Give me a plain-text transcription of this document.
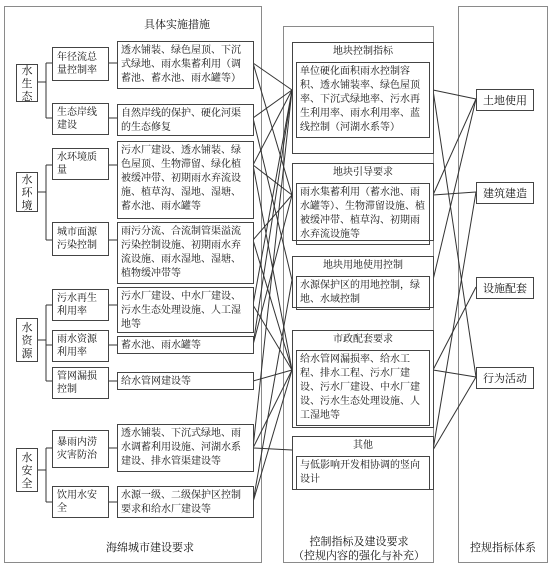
具体实施措施
水生态
水环境
水资源
水安全
年径流总量控制率
生态岸线建设
水环境质量
城市面源污染控制
污水再生利用率
雨水资源利用率
管网漏损控制
暴雨内涝灾害防治
饮用水安全
透水铺装、绿色屋顶、下沉式绿地、雨水集蓄利用（调蓄池、蓄水池、雨水罐等）
自然岸线的保护、硬化河渠的生态修复
污水厂建设、透水铺装、绿色屋顶、生物滞留、绿化植被缓冲带、初期雨水弃流设施、植草沟、湿地、湿塘、蓄水池、雨水罐等
雨污分流、合流制管渠溢流污染控制设施、初期雨水弃流设施、雨水湿地、湿塘、植物缓冲带等
污水厂建设、中水厂建设、污水生态处理设施、人工湿地等
蓄水池、雨水罐等
给水管网建设等
透水铺装、下沉式绿地、雨水调蓄利用设施、河湖水系建设、排水管渠建设等
水源一级、二级保护区控制要求和给水厂建设等
海绵城市建设要求
地块控制指标
单位硬化面积雨水控制容积、透水铺装率、绿色屋顶率、下沉式绿地率、污水再生利用率、雨水利用率、蓝线控制（河湖水系等）
地块引导要求
雨水集蓄利用（蓄水池、雨水罐等）、生物滞留设施、植被缓冲带、植草沟、初期雨水弃流设施等
地块用地使用控制
水源保护区的用地控制，绿地、水域控制
市政配套要求
给水管网漏损率、给水工程、排水工程、污水厂建设、污水厂建设、中水厂建设、污水生态处理设施、人工湿地等
其他
与低影响开发相协调的竖向设计
控制指标及建设要求
（控规内容的强化与补充）
土地使用
建筑建造
设施配套
行为活动
控规指标体系
